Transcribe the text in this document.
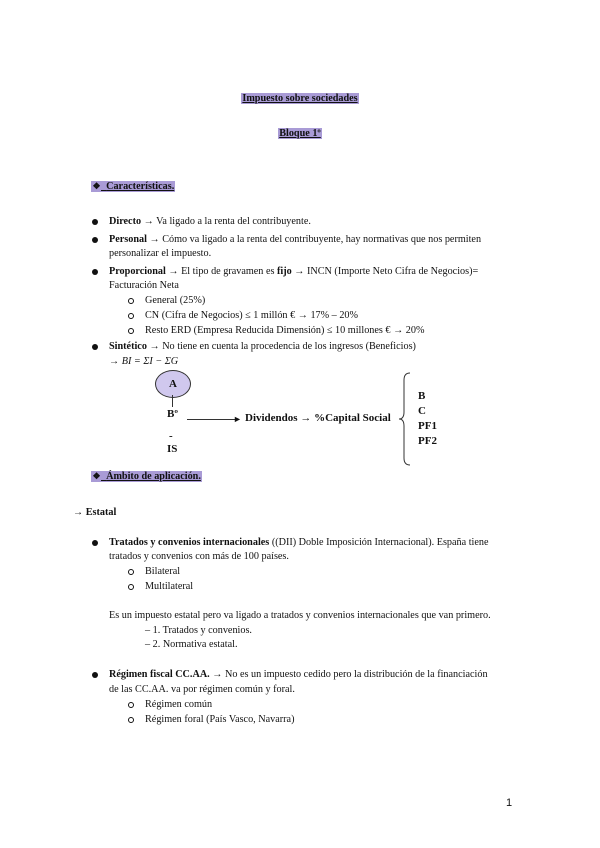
Impuesto sobre sociedades
Bloque 1º
❖ Características.
Directo → Va ligado a la renta del contribuyente.
Personal → Cómo va ligado a la renta del contribuyente, hay normativas que nos permiten
personalizar el impuesto.
Proporcional → El tipo de gravamen es fijo → INCN (Importe Neto Cifra de Negocios)=
Facturación Neta
General (25%)
CN (Cifra de Negocios) ≤ 1 millón € → 17% – 20%
Resto ERD (Empresa Reducida Dimensión) ≤ 10 millones € → 20%
Sintético → No tiene en cuenta la procedencia de los ingresos (Beneficios)
→ BI = ΣI − ΣG
A
Bº
-
IS
► Dividendos → %Capital Social
B
C
PF1
PF2
❖ Ámbito de aplicación.
→ Estatal
Tratados y convenios internacionales ((DII) Doble Imposición Internacional). España tiene
tratados y convenios con más de 100 países.
Bilateral
Multilateral
Es un impuesto estatal pero va ligado a tratados y convenios internacionales que van primero.
– 1. Tratados y convenios.
– 2. Normativa estatal.
Régimen fiscal CC.AA. → No es un impuesto cedido pero la distribución de la financiación
de las CC.AA. va por régimen común y foral.
Régimen común
Régimen foral (País Vasco, Navarra)
1
